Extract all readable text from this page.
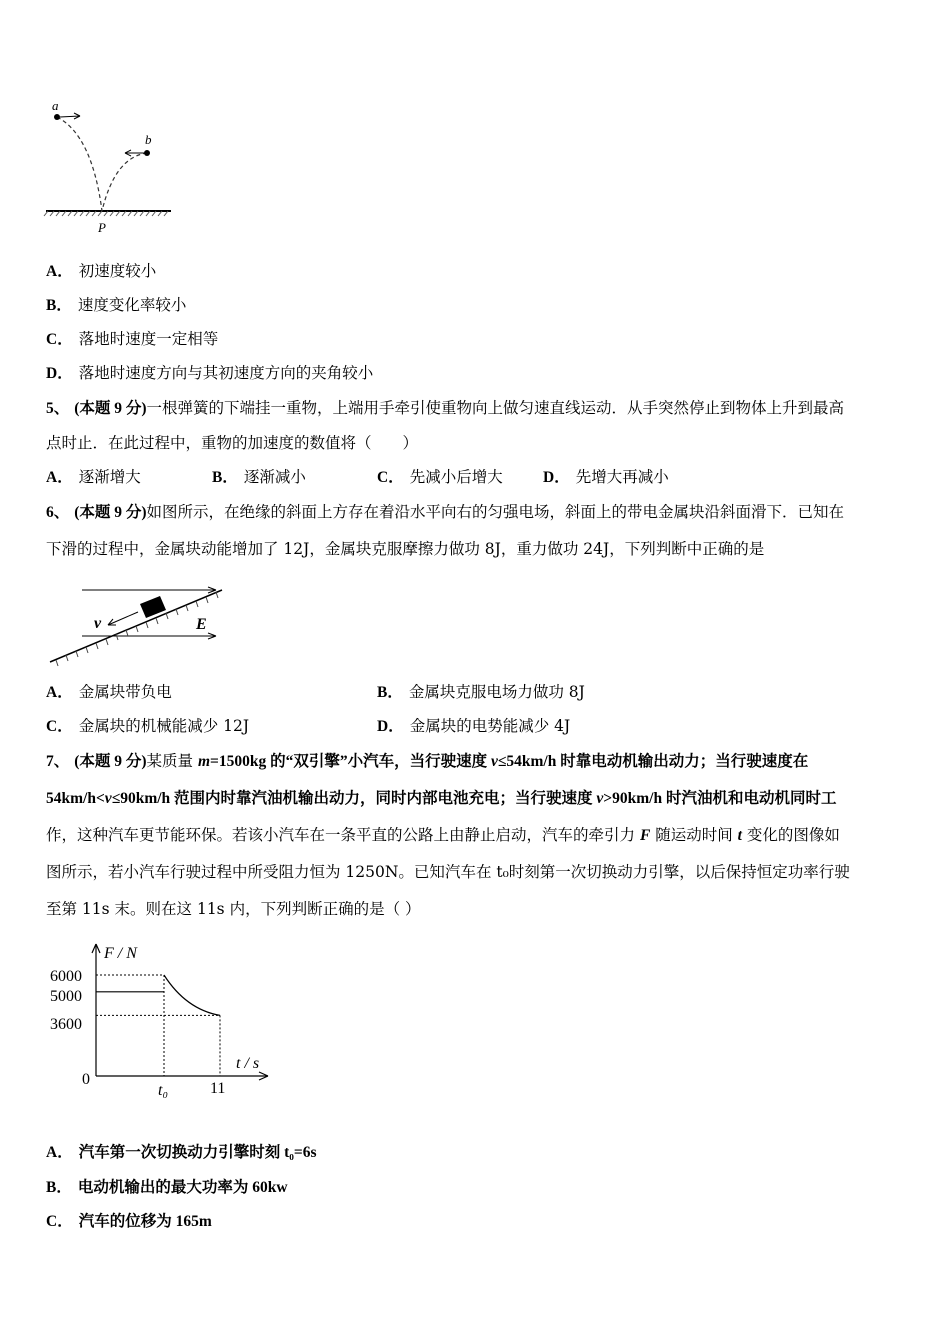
a
b
P
A． 初速度较小
B． 速度变化率较小
C． 落地时速度一定相等
D． 落地时速度方向与其初速度方向的夹角较小
5、 (本题 9 分)一根弹簧的下端挂一重物，上端用手牵引使重物向上做匀速直线运动．从手突然停止到物体上升到最高
点时止．在此过程中，重物的加速度的数值将（　　）
A． 逐渐增大	B． 逐渐减小	C． 先减小后增大	D． 先增大再减小
6、 (本题 9 分)如图所示，在绝缘的斜面上方存在着沿水平向右的匀强电场，斜面上的带电金属块沿斜面滑下．已知在
下滑的过程中，金属块动能增加了 12J，金属块克服摩擦力做功 8J，重力做功 24J，下列判断中正确的是
v	E
A． 金属块带负电	B． 金属块克服电场力做功 8J
C． 金属块的机械能减少 12J	D． 金属块的电势能减少 4J
7、 (本题 9 分)某质量 m=1500kg 的“双引擎”小汽车，当行驶速度 v≤54km/h 时靠电动机输出动力；当行驶速度在
54km/h<v≤90km/h 范围内时靠汽油机输出动力，同时内部电池充电；当行驶速度 v>90km/h 时汽油机和电动机同时工
作，这种汽车更节能环保。若该小汽车在一条平直的公路上由静止启动，汽车的牵引力 F 随运动时间 t 变化的图像如
图所示，若小汽车行驶过程中所受阻力恒为 1250N。已知汽车在 t₀时刻第一次切换动力引擎，以后保持恒定功率行驶
至第 11s 末。则在这 11s 内，下列判断正确的是（ ）
F / N
t / s
0
6000
5000
3600
t₀	11
A． 汽车第一次切换动力引擎时刻 t₀=6s
B． 电动机输出的最大功率为 60kw
C． 汽车的位移为 165m
